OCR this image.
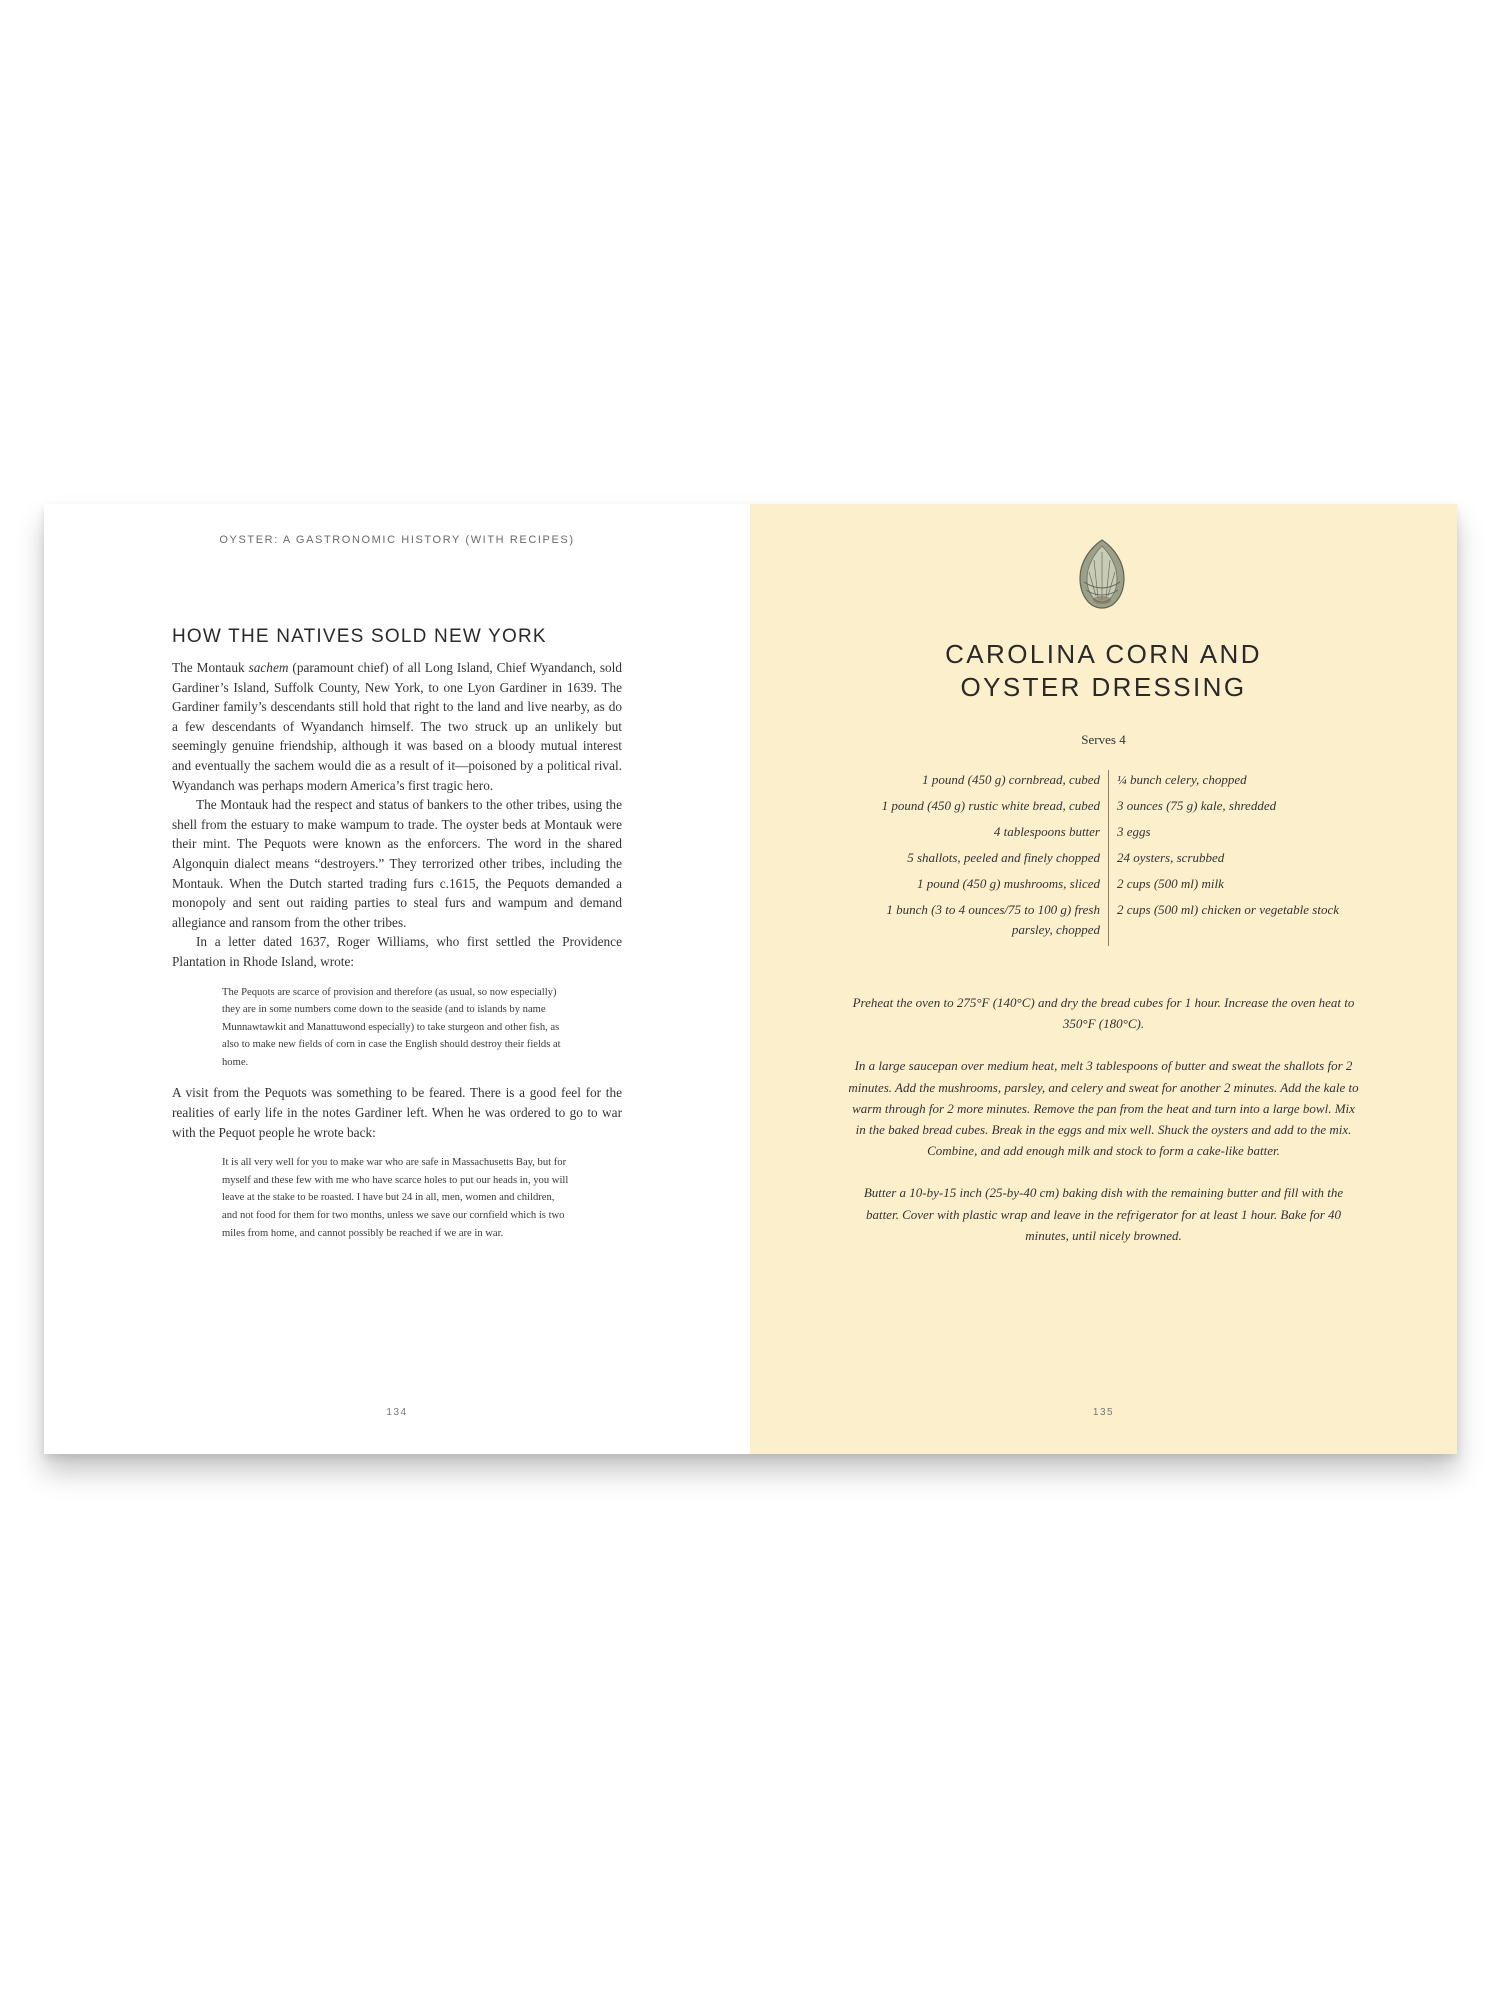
OYSTER: A GASTRONOMIC HISTORY (WITH RECIPES)

HOW THE NATIVES SOLD NEW YORK

The Montauk sachem (paramount chief) of all Long Island, Chief Wyandanch, sold Gardiner’s Island, Suffolk County, New York, to one Lyon Gardiner in 1639. The Gardiner family’s descendants still hold that right to the land and live nearby, as do a few descendants of Wyandanch himself. The two struck up an unlikely but seemingly genuine friendship, although it was based on a bloody mutual interest and eventually the sachem would die as a result of it—poisoned by a political rival. Wyandanch was perhaps modern America’s first tragic hero.

The Montauk had the respect and status of bankers to the other tribes, using the shell from the estuary to make wampum to trade. The oyster beds at Montauk were their mint. The Pequots were known as the enforcers. The word in the shared Algonquin dialect means “destroyers.” They terrorized other tribes, including the Montauk. When the Dutch started trading furs c.1615, the Pequots demanded a monopoly and sent out raiding parties to steal furs and wampum and demand allegiance and ransom from the other tribes.

In a letter dated 1637, Roger Williams, who first settled the Providence Plantation in Rhode Island, wrote:

The Pequots are scarce of provision and therefore (as usual, so now especially) they are in some numbers come down to the seaside (and to islands by name Munnawtawkit and Manattuwond especially) to take sturgeon and other fish, as also to make new fields of corn in case the English should destroy their fields at home.

A visit from the Pequots was something to be feared. There is a good feel for the realities of early life in the notes Gardiner left. When he was ordered to go to war with the Pequot people he wrote back:

It is all very well for you to make war who are safe in Massachusetts Bay, but for myself and these few with me who have scarce holes to put our heads in, you will leave at the stake to be roasted. I have but 24 in all, men, women and children, and not food for them for two months, unless we save our cornfield which is two miles from home, and cannot possibly be reached if we are in war.

134

CAROLINA CORN AND
OYSTER DRESSING

Serves 4

1 pound (450 g) cornbread, cubed

1 pound (450 g) rustic white bread, cubed

4 tablespoons butter

5 shallots, peeled and finely chopped

1 pound (450 g) mushrooms, sliced

1 bunch (3 to 4 ounces/75 to 100 g) fresh parsley, chopped

¼ bunch celery, chopped

3 ounces (75 g) kale, shredded

3 eggs

24 oysters, scrubbed

2 cups (500 ml) milk

2 cups (500 ml) chicken or vegetable stock

Preheat the oven to 275°F (140°C) and dry the bread cubes for 1 hour. Increase the oven heat to 350°F (180°C).

In a large saucepan over medium heat, melt 3 tablespoons of butter and sweat the shallots for 2 minutes. Add the mushrooms, parsley, and celery and sweat for another 2 minutes. Add the kale to warm through for 2 more minutes. Remove the pan from the heat and turn into a large bowl. Mix in the baked bread cubes. Break in the eggs and mix well. Shuck the oysters and add to the mix. Combine, and add enough milk and stock to form a cake-like batter.

Butter a 10-by-15 inch (25-by-40 cm) baking dish with the remaining butter and fill with the batter. Cover with plastic wrap and leave in the refrigerator for at least 1 hour. Bake for 40 minutes, until nicely browned.

135
